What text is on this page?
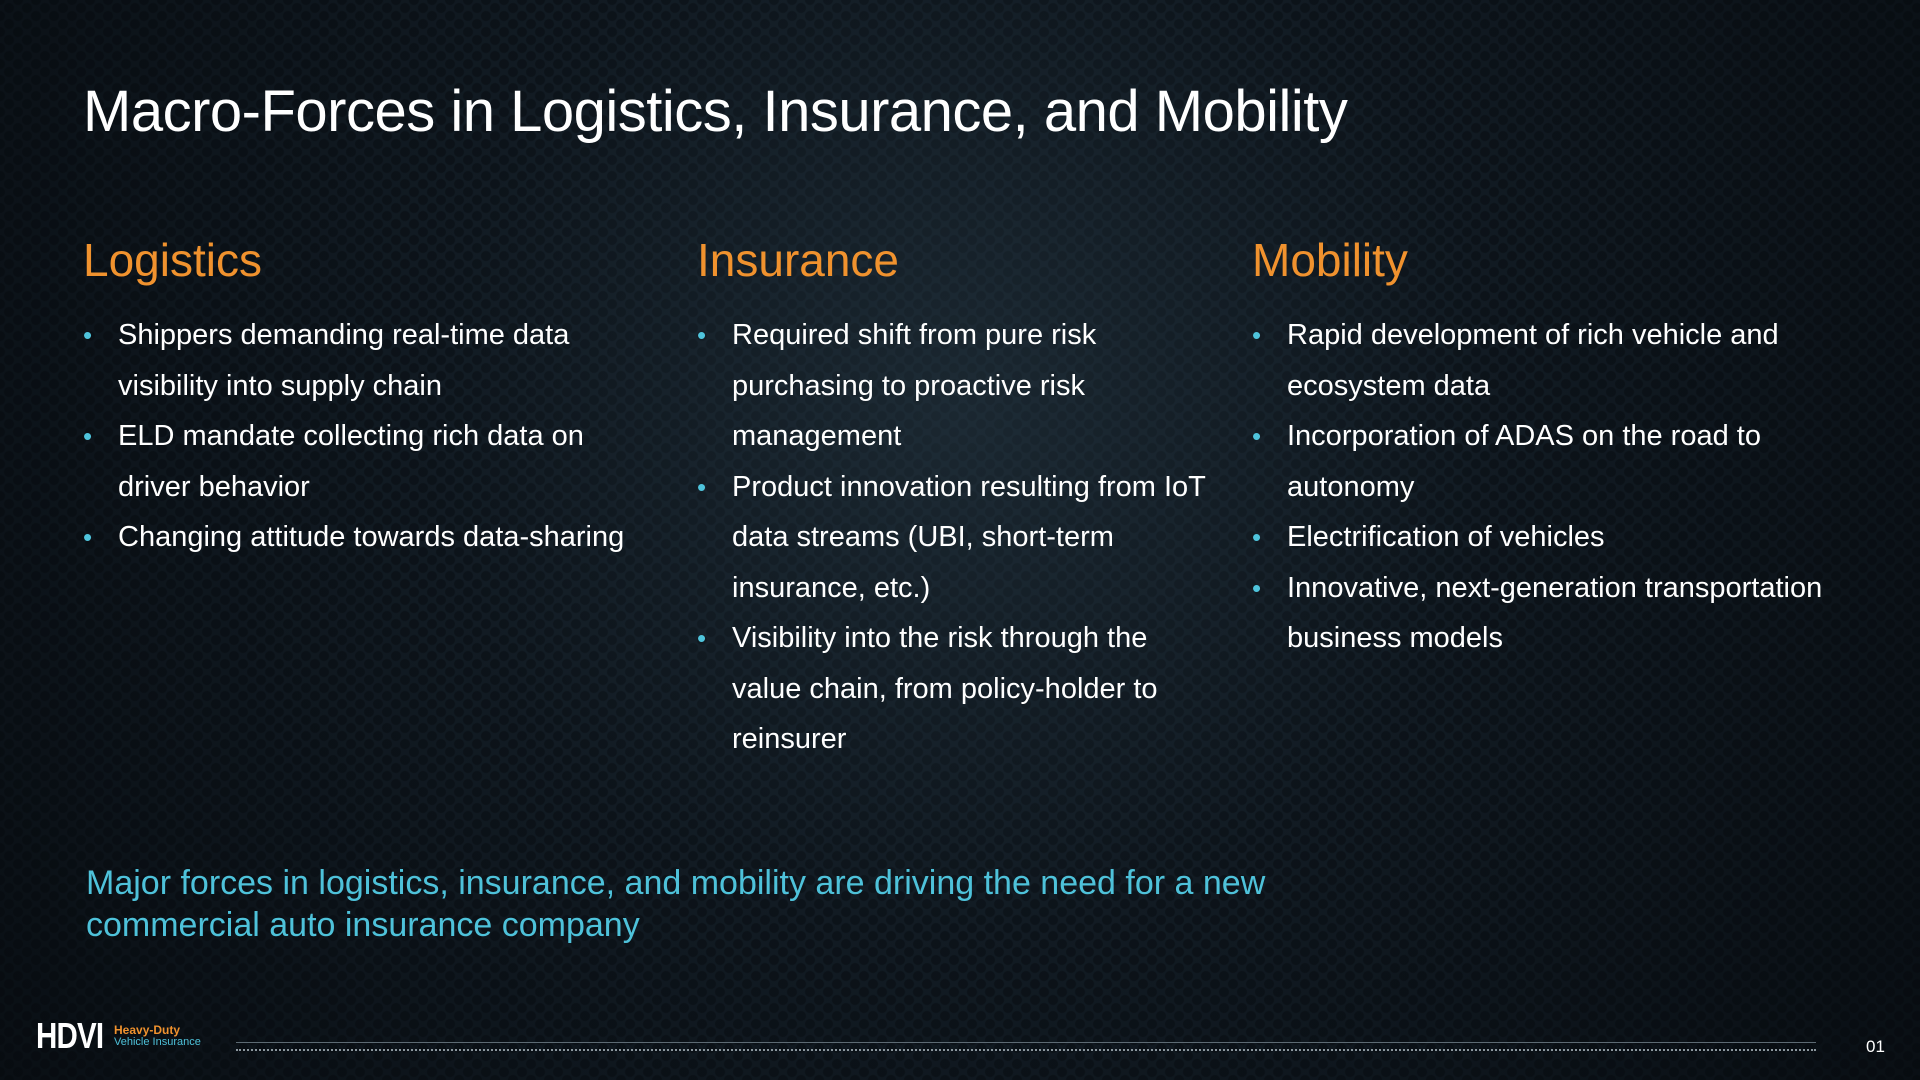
Macro-Forces in Logistics, Insurance, and Mobility
Logistics
• Shippers demanding real-time data visibility into supply chain
• ELD mandate collecting rich data on driver behavior
• Changing attitude towards data-sharing
Insurance
• Required shift from pure risk purchasing to proactive risk management
• Product innovation resulting from IoT data streams (UBI, short-term insurance, etc.)
• Visibility into the risk through the value chain, from policy-holder to reinsurer
Mobility
• Rapid development of rich vehicle and ecosystem data
• Incorporation of ADAS on the road to autonomy
• Electrification of vehicles
• Innovative, next-generation transportation business models
Major forces in logistics, insurance, and mobility are driving the need for a new commercial auto insurance company
HDVI Heavy-Duty
Vehicle Insurance	01
